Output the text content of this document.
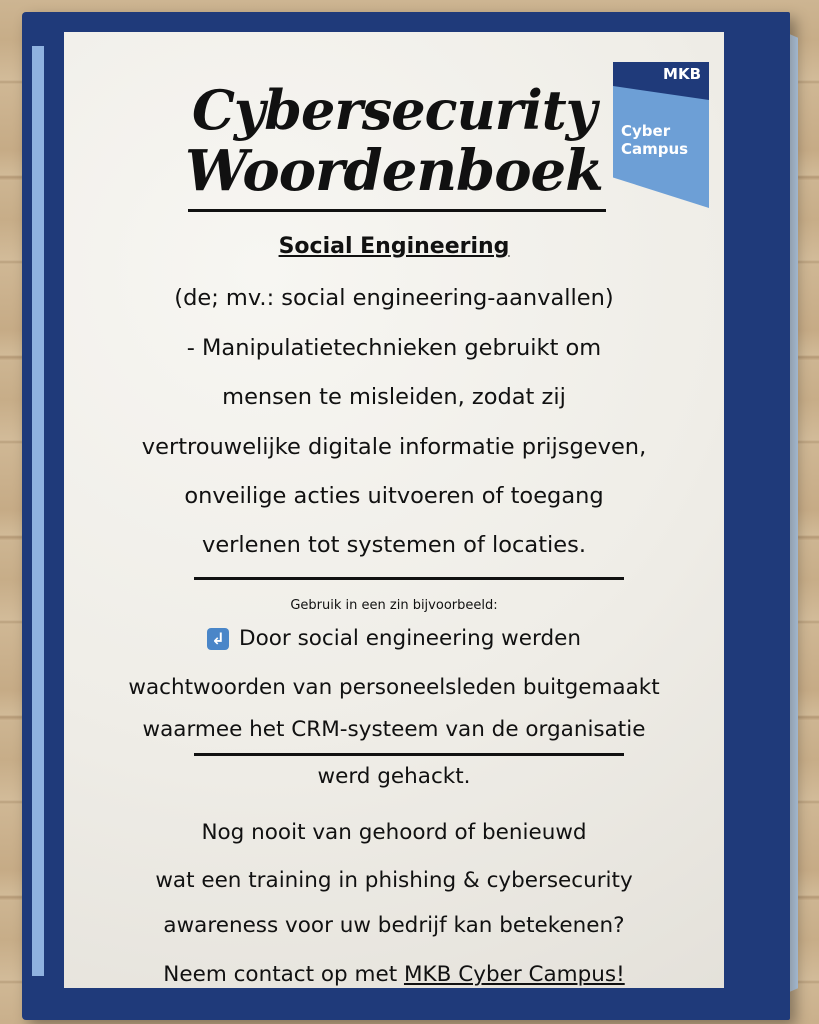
Cybersecurity
Woordenboek
MKB
Cyber
Campus

Social Engineering

(de; mv.: social engineering-aanvallen)

- Manipulatietechnieken gebruikt om

mensen te misleiden, zodat zij

vertrouwelijke digitale informatie prijsgeven,

onveilige acties uitvoeren of toegang

verlenen tot systemen of locaties.

Gebruik in een zin bijvoorbeeld:

↲ Door social engineering werden

wachtwoorden van personeelsleden buitgemaakt

waarmee het CRM-systeem van de organisatie

werd gehackt.

Nog nooit van gehoord of benieuwd

wat een training in phishing & cybersecurity

awareness voor uw bedrijf kan betekenen?

Neem contact op met MKB Cyber Campus!
